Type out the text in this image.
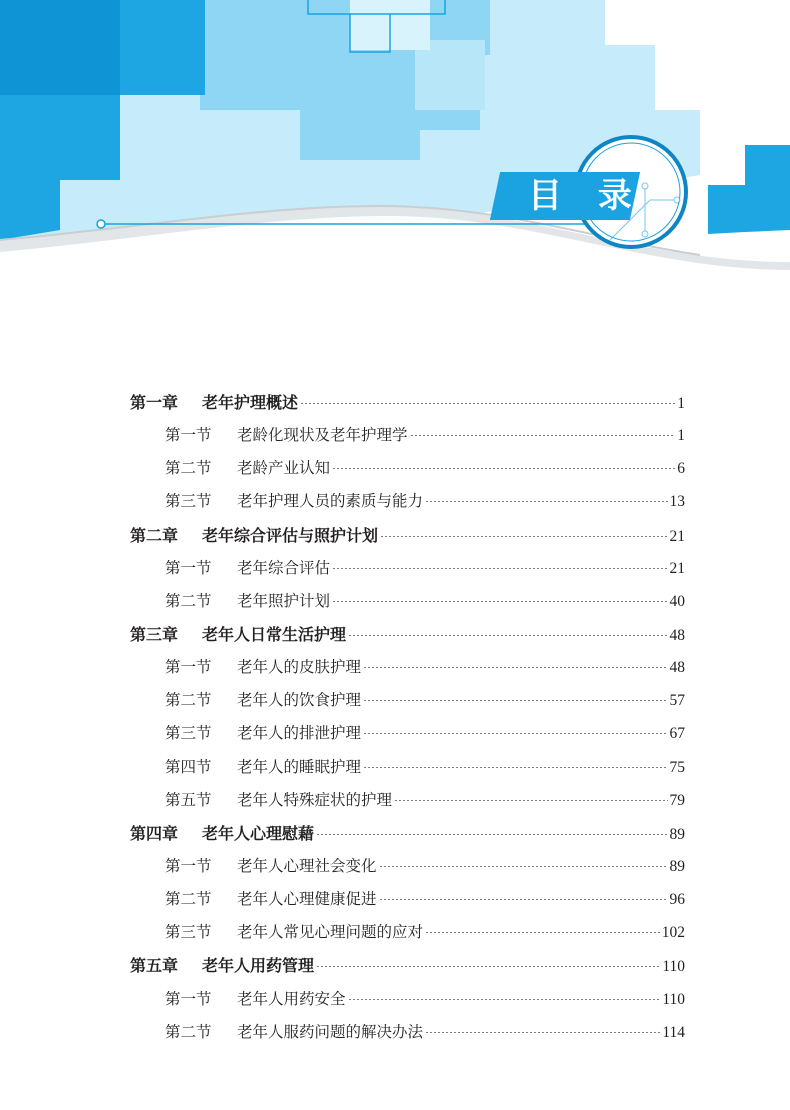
目 录
第一章	老年护理概述	1
第一节	老龄化现状及老年护理学	1
第二节	老龄产业认知	6
第三节	老年护理人员的素质与能力	13
第二章	老年综合评估与照护计划	21
第一节	老年综合评估	21
第二节	老年照护计划	40
第三章	老年人日常生活护理	48
第一节	老年人的皮肤护理	48
第二节	老年人的饮食护理	57
第三节	老年人的排泄护理	67
第四节	老年人的睡眠护理	75
第五节	老年人特殊症状的护理	79
第四章	老年人心理慰藉	89
第一节	老年人心理社会变化	89
第二节	老年人心理健康促进	96
第三节	老年人常见心理问题的应对	102
第五章	老年人用药管理	110
第一节	老年人用药安全	110
第二节	老年人服药问题的解决办法	114
